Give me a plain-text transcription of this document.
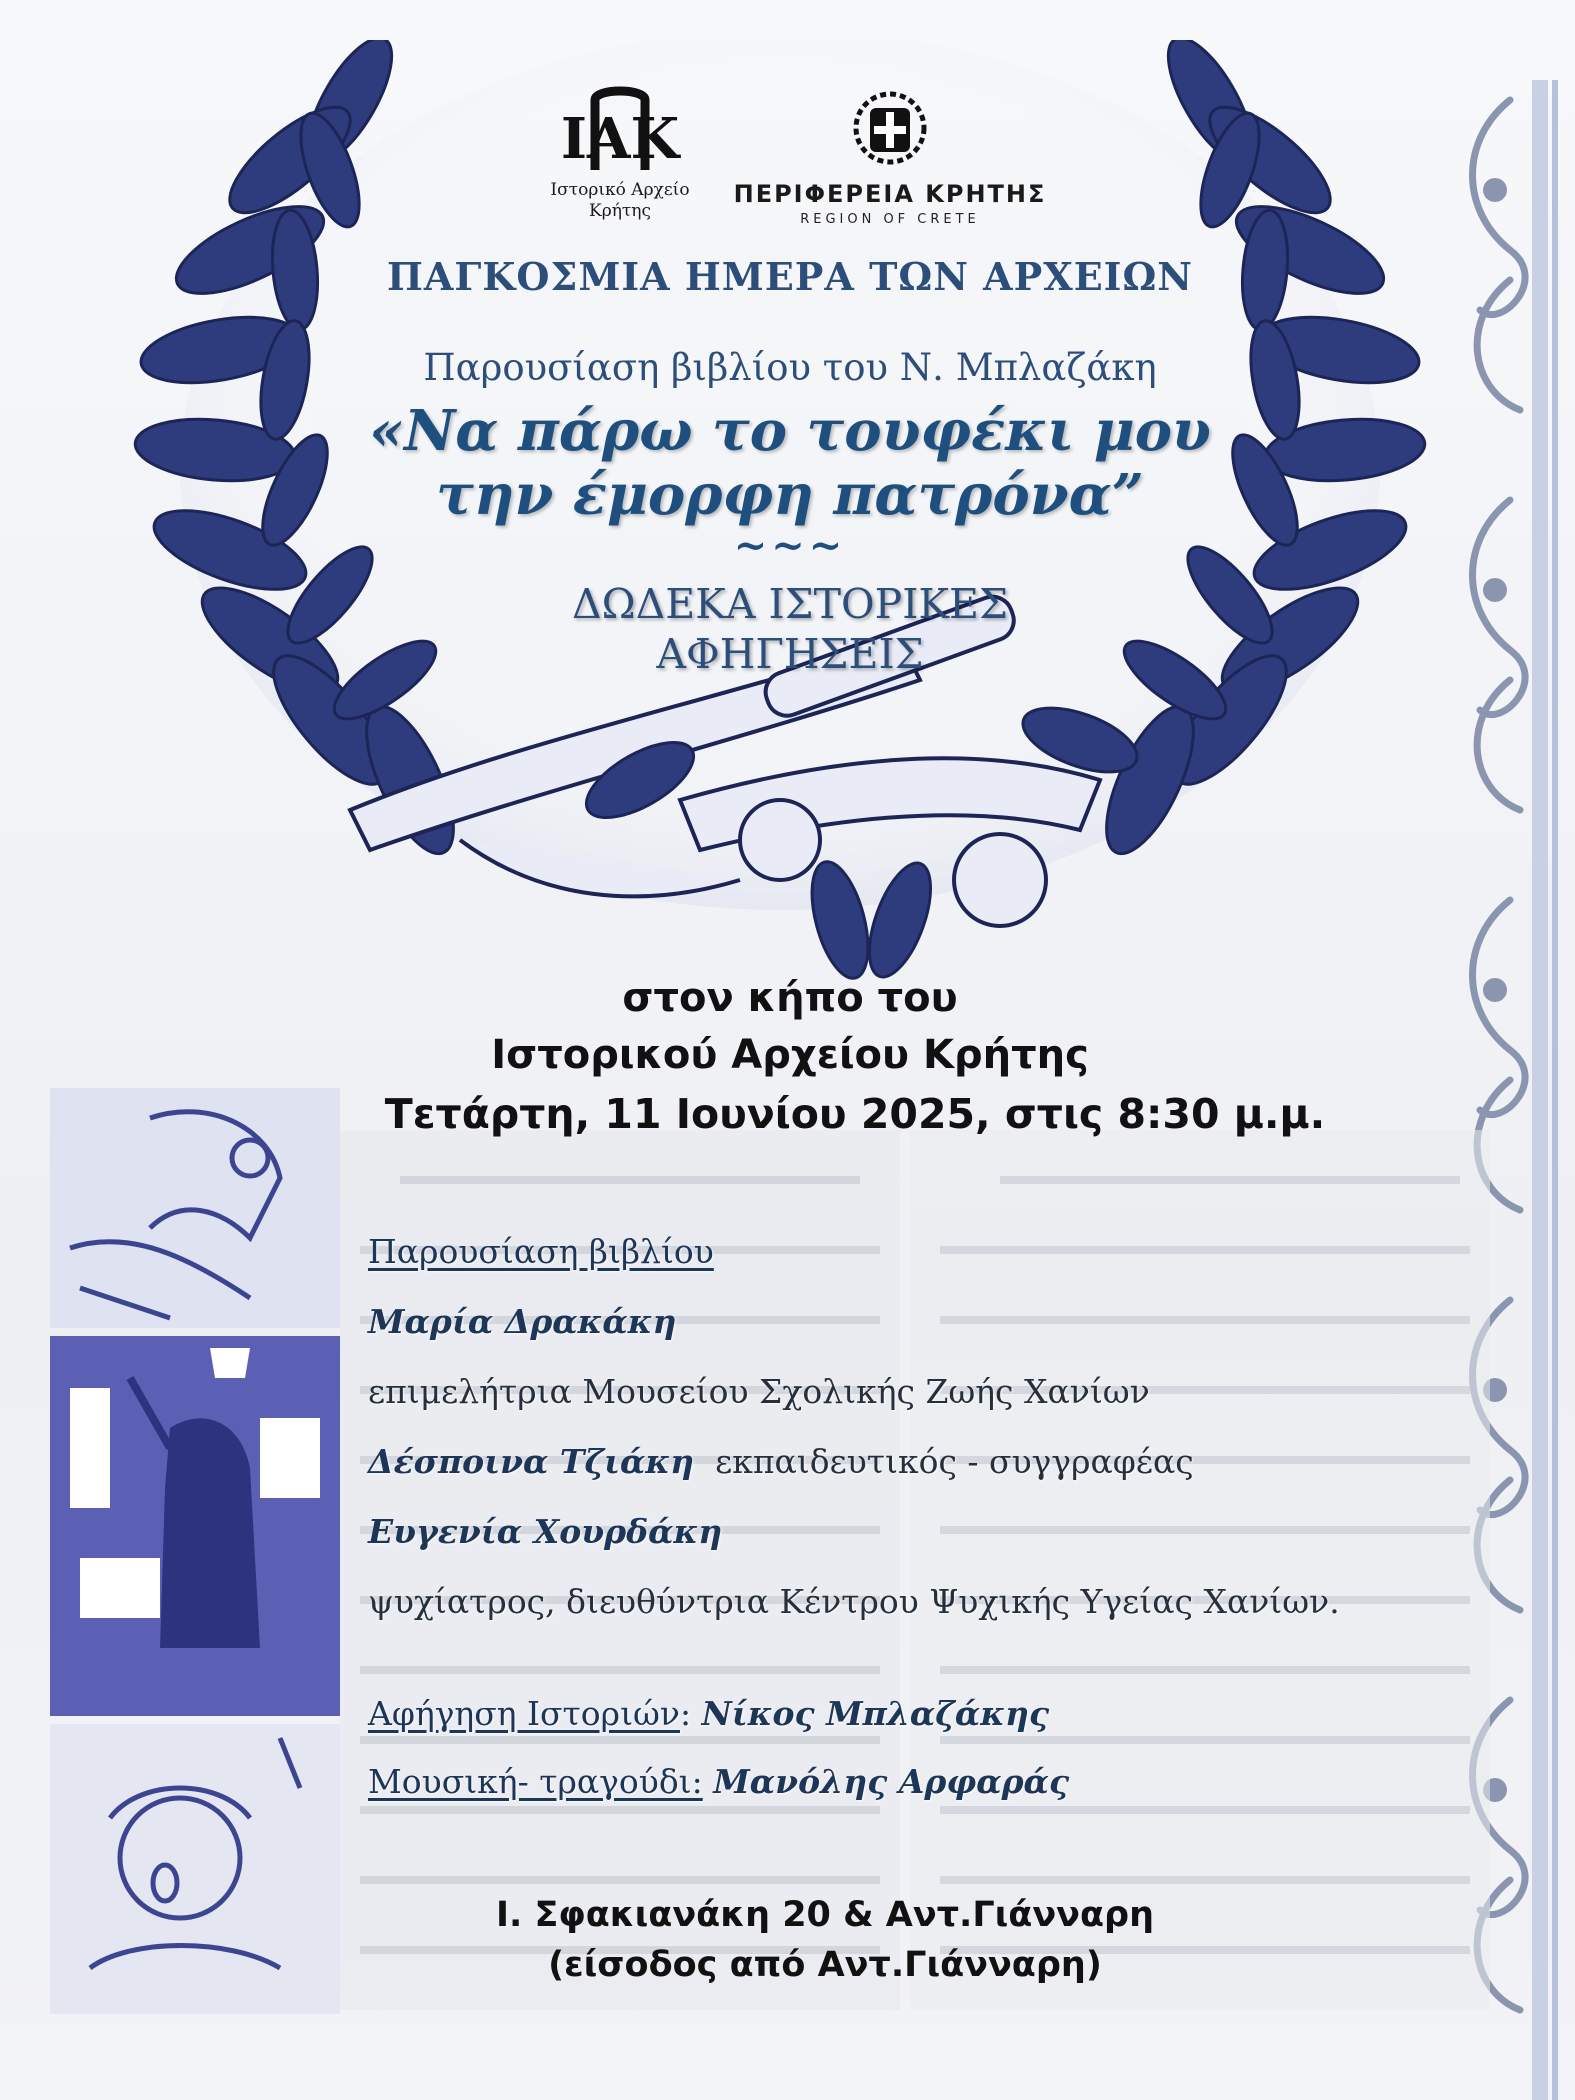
ΙΑΚ
Ιστορικό Αρχείο
Κρήτης
ΠΕΡΙΦΕΡΕΙΑ ΚΡΗΤΗΣ
REGION OF CRETE
ΠΑΓΚΟΣΜΙΑ ΗΜΕΡΑ ΤΩΝ ΑΡΧΕΙΩΝ
Παρουσίαση βιβλίου του Ν. Μπλαζάκη
«Να πάρω το τουφέκι μου
την έμορφη πατρόνα”
~~~
ΔΩΔΕΚΑ ΙΣΤΟΡΙΚΕΣ
ΑΦΗΓΗΣΕΙΣ
στον κήπο του
Ιστορικού Αρχείου Κρήτης
Τετάρτη, 11 Ιουνίου 2025, στις 8:30 μ.μ.
Παρουσίαση βιβλίου
Μαρία Δρακάκη
επιμελήτρια Μουσείου Σχολικής Ζωής Χανίων
Δέσποινα Τζιάκη εκπαιδευτικός - συγγραφέας
Ευγενία Χουρδάκη
ψυχίατρος, διευθύντρια Κέντρου Ψυχικής Υγείας Χανίων.
Αφήγηση Ιστοριών: Νίκος Μπλαζάκης
Μουσική- τραγούδι: Μανόλης Αρφαράς
Ι. Σφακιανάκη 20 & Αντ.Γιάνναρη
(είσοδος από Αντ.Γιάνναρη)
